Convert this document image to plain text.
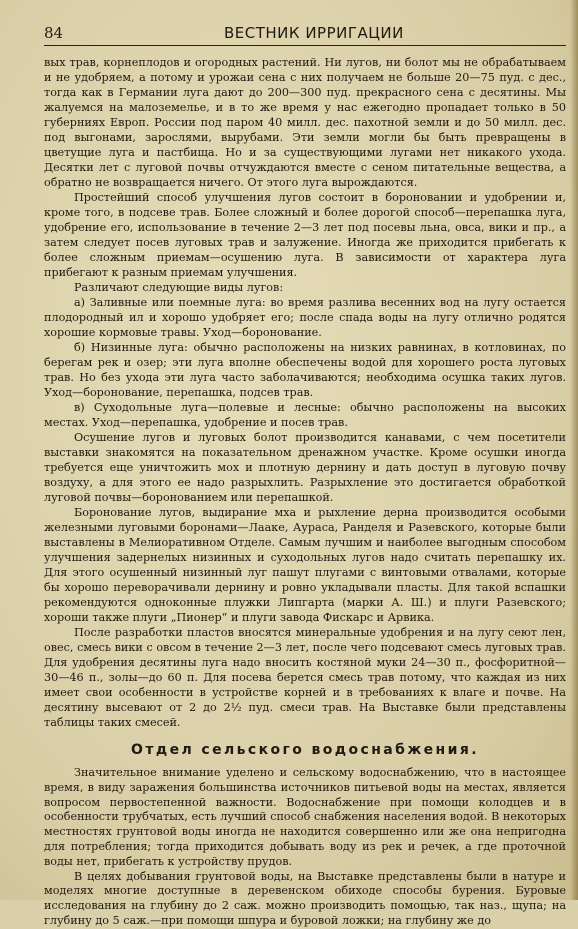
84	ВЕСТНИК ИРРИГАЦИИ

вых трав, корнеплодов и огородных растений. Ни лугов, ни болот мы не обрабатываем и не удобряем, а потому и урожаи сена с них получаем не больше 20—75 пуд. с дес., тогда как в Германии луга дают до 200—300 пуд. прекрасного сена с десятины. Мы жалуемся на малоземелье, и в то же время у нас ежегодно пропадает только в 50 губерниях Европ. России под паром 40 милл. дес. пахотной земли и до 50 милл. дес. под выгонами, зарослями, вырубами. Эти земли могли бы быть превращены в цветущие луга и пастбища. Но и за существующими лугами нет никакого ухода. Десятки лет с луговой почвы отчуждаются вместе с сеном питательные вещества, а обратно не возвращается ничего. От этого луга вырождаются.

Простейший способ улучшения лугов состоит в бороновании и удобрении и, кроме того, в подсеве трав. Более сложный и более дорогой способ—перепашка луга, удобрение его, использование в течение 2—3 лет под посевы льна, овса, вики и пр., а затем следует посев луговых трав и залужение. Иногда же приходится прибегать к более сложным приемам—осушению луга. В зависимости от характера луга прибегают к разным приемам улучшения.

Различают следующие виды лугов:

а) Заливные или поемные луга: во время разлива весенних вод на лугу остается плодородный ил и хорошо удобряет его; после спада воды на лугу отлично родятся хорошие кормовые травы. Уход—боронование.

б) Низинные луга: обычно расположены на низких равнинах, в котловинах, по берегам рек и озер; эти луга вполне обеспечены водой для хорошего роста луговых трав. Но без ухода эти луга часто заболачиваются; необходима осушка таких лугов. Уход—боронование, перепашка, подсев трав.

в) Суходольные луга—полевые и лесные: обычно расположены на высоких местах. Уход—перепашка, удобрение и посев трав.

Осушение лугов и луговых болот производится канавами, с чем посетители выставки знакомятся на показательном дренажном участке. Кроме осушки иногда требуется еще уничтожить мох и плотную дернину и дать доступ в луговую почву воздуху, а для этого ее надо разрыхлить. Разрыхление это достигается обработкой луговой почвы—боронованием или перепашкой.

Боронование лугов, выдирание мха и рыхление дерна производится особыми железными луговыми боронами—Лааке, Аураса, Ранделя и Разевского, которые были выставлены в Мелиоративном Отделе. Самым лучшим и наиболее выгодным способом улучшения задернелых низинных и суходольных лугов надо считать перепашку их. Для этого осушенный низинный луг пашут плугами с винтовыми отвалами, которые бы хорошо переворачивали дернину и ровно укладывали пласты. Для такой вспашки рекомендуются одноконные плужки Липгарта (марки А. Ш.) и плуги Разевского; хороши также плуги „Пионер“ и плуги завода Фискарс и Арвика.

После разработки пластов вносятся минеральные удобрения и на лугу сеют лен, овес, смесь вики с овсом в течение 2—3 лет, после чего подсевают смесь луговых трав. Для удобрения десятины луга надо вносить костяной муки 24—30 п., фосфоритной—30—46 п., золы—до 60 п. Для посева берется смесь трав потому, что каждая из них имеет свои особенности в устройстве корней и в требованиях к влаге и почве. На десятину высевают от 2 до 2½ пуд. смеси трав. На Выставке были представлены таблицы таких смесей.

Отдел сельского водоснабжения.

Значительное внимание уделено и сельскому водоснабжению, что в настоящее время, в виду заражения большинства источников питьевой воды на местах, является вопросом первостепенной важности. Водоснабжение при помощи колодцев и в особенности трубчатых, есть лучший способ снабжения населения водой. В некоторых местностях грунтовой воды иногда не находится совершенно или же она непригодна для потребления; тогда приходится добывать воду из рек и речек, а где проточной воды нет, прибегать к устройству прудов.

В целях добывания грунтовой воды, на Выставке представлены были в натуре и моделях многие доступные в деревенском обиходе способы бурения. Буровые исследования на глубину до 2 саж. можно производить помощью, так наз., щупа; на глубину до 5 саж.—при помощи шпура и буровой ложки; на глубину же до
